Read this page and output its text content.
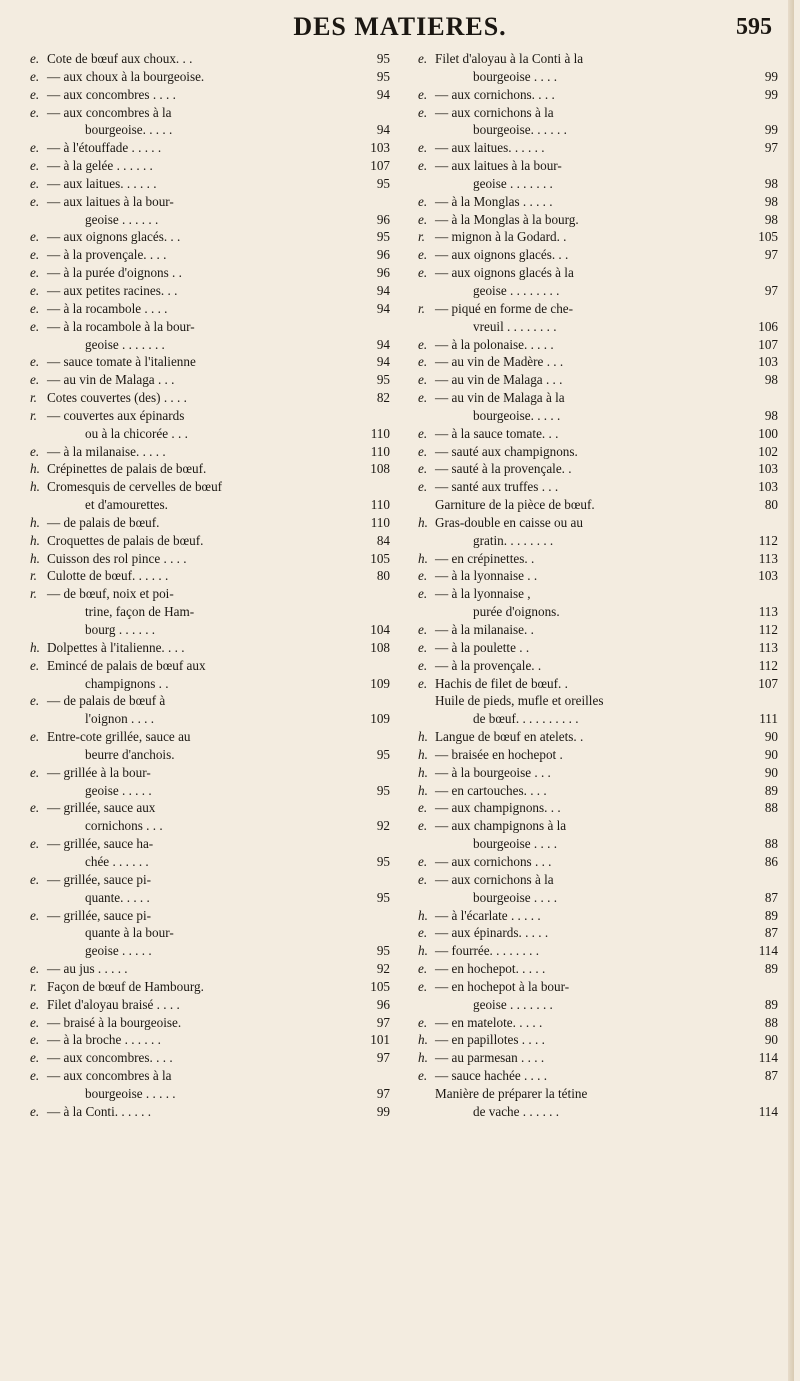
DES MATIERES.	595
e. Cote de bœuf aux choux. . .	95
e. — aux choux à la bourgeoise.	95
e. — aux concombres . . . .	94
e. — aux concombres à la
bourgeoise. . . . .	94
e. — à l'étouffade . . . . .	103
e. — à la gelée . . . . . .	107
e. — aux laitues. . . . . .	95
e. — aux laitues à la bour-
geoise . . . . . .	96
e. — aux oignons glacés. . .	95
e. — à la provençale. . . .	96
e. — à la purée d'oignons . .	96
e. — aux petites racines. . .	94
e. — à la rocambole . . . .	94
e. — à la rocambole à la bour-
geoise . . . . . . .	94
e. — sauce tomate à l'italienne	94
e. — au vin de Malaga . . .	95
r. Cotes couvertes (des) . . . .	82
r. — couvertes aux épinards
ou à la chicorée . . .	110
e. — à la milanaise. . . . .	110
h. Crépinettes de palais de bœuf.	108
h. Cromesquis de cervelles de bœuf
et d'amourettes.	110
h. — de palais de bœuf.	110
h. Croquettes de palais de bœuf.	84
h. Cuisson des rol pince . . . .	105
r. Culotte de bœuf. . . . . .	80
r. — de bœuf, noix et poi-
trine, façon de Ham-
bourg . . . . . .	104
h. Dolpettes à l'italienne. . . .	108
e. Emincé de palais de bœuf aux
champignons . .	109
e. — de palais de bœuf à
l'oignon . . . .	109
e. Entre-cote grillée, sauce au
beurre d'anchois.	95
e. — grillée à la bour-
geoise . . . . .	95
e. — grillée, sauce aux
cornichons . . .	92
e. — grillée, sauce ha-
chée . . . . . .	95
e. — grillée, sauce pi-
quante. . . . .	95
e. — grillée, sauce pi-
quante à la bour-
geoise . . . . .	95
e. — au jus . . . . .	92
r. Façon de bœuf de Hambourg.	105
e. Filet d'aloyau braisé . . . .	96
e. — braisé à la bourgeoise.	97
e. — à la broche . . . . . .	101
e. — aux concombres. . . .	97
e. — aux concombres à la
bourgeoise . . . . .	97
e. — à la Conti. . . . . .	99
e. Filet d'aloyau à la Conti à la
bourgeoise . . . .	99
e. — aux cornichons. . . .	99
e. — aux cornichons à la
bourgeoise. . . . . .	99
e. — aux laitues. . . . . .	97
e. — aux laitues à la bour-
geoise . . . . . . .	98
e. — à la Monglas . . . . .	98
e. — à la Monglas à la bourg.	98
r. — mignon à la Godard. .	105
e. — aux oignons glacés. . .	97
e. — aux oignons glacés à la
geoise . . . . . . . .	97
r. — piqué en forme de che-
vreuil . . . . . . . .	106
e. — à la polonaise. . . . .	107
e. — au vin de Madère . . .	103
e. — au vin de Malaga . . .	98
e. — au vin de Malaga à la
bourgeoise. . . . .	98
e. — à la sauce tomate. . .	100
e. — sauté aux champignons.	102
e. — sauté à la provençale. .	103
e. — santé aux truffes . . .	103
Garniture de la pièce de bœuf.	80
h. Gras-double en caisse ou au
gratin. . . . . . . .	112
h. — en crépinettes. .	113
e. — à la lyonnaise . .	103
e. — à la lyonnaise ,
purée d'oignons.	113
e. — à la milanaise. .	112
e. — à la poulette . .	113
e. — à la provençale. .	112
e. Hachis de filet de bœuf. .	107
Huile de pieds, mufle et oreilles
de bœuf. . . . . . . . . .	111
h. Langue de bœuf en atelets. .	90
h. — braisée en hochepot .	90
h. — à la bourgeoise . . .	90
h. — en cartouches. . . .	89
e. — aux champignons. . .	88
e. — aux champignons à la
bourgeoise . . . .	88
e. — aux cornichons . . .	86
e. — aux cornichons à la
bourgeoise . . . .	87
h. — à l'écarlate . . . . .	89
e. — aux épinards. . . . .	87
h. — fourrée. . . . . . . .	114
e. — en hochepot. . . . .	89
e. — en hochepot à la bour-
geoise . . . . . . .	89
e. — en matelote. . . . .	88
h. — en papillotes . . . .	90
h. — au parmesan . . . .	114
e. — sauce hachée . . . .	87
Manière de préparer la tétine
de vache . . . . . .	114
